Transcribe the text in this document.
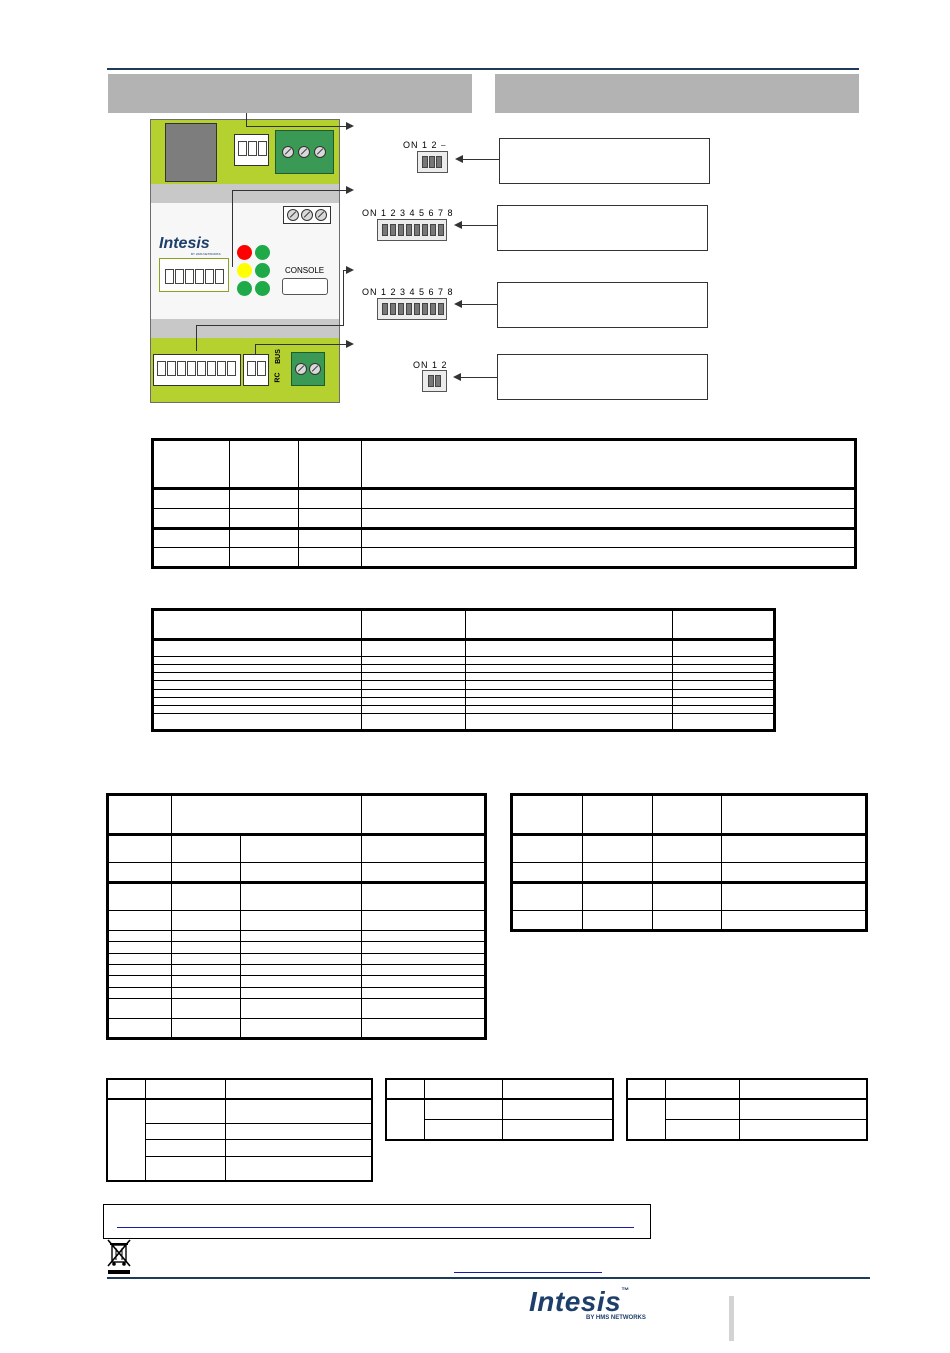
Intesis
BY HMS NETWORKS
CONSOLE
RC
BUS
ON 1 2 ⎯
ON 1 2 3 4 5 6 7 8
ON 1 2 3 4 5 6 7 8
ON 1 2

Intesis™
BY HMS NETWORKS
